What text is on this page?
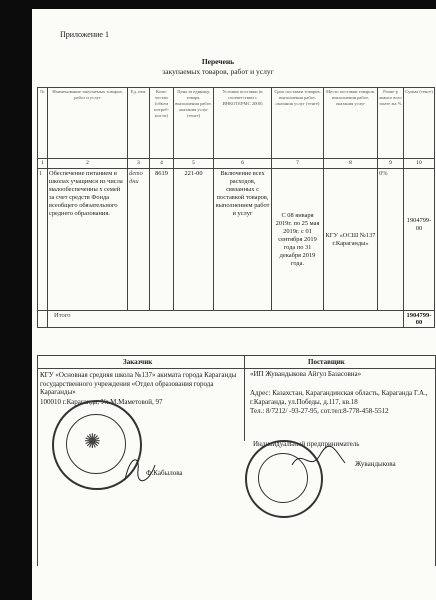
Приложение 1
Перечень
закупаемых товаров, работ и услуг
№	Наименование закупаемых товаров, работ и услуг	Ед. изм.	Коли-чество (объем потреб-ности)	Цена за единицу товара, выполнения работ, оказания услуг (тенге)	Условия поставки (в соответствии с ИНКОТЕРМС 2000)	Срок поставки товаров, выполнения работ, оказания услуг (тенге)	Место поставки товаров, выполнения работ, оказания услуг	Разме р авансо вого плате жа %	Сумма (тенге)
1	2	3	4	5	6	7	8	9	10
1	Обеспечение питанием в школах учащимся из числа малообеспеченны х семей за счет средств Фонда всеобщего обязательного среднего образования.	dето дни	8619	221-00	Включение всех расходов, связанных с поставкой товаров, выполнением работ и услуг	С 08 января 2019г. по 25 мая 2019г. с 01 сентября 2019 года по 31 декабря 2019 года.	КГУ «ОСШ №137 г.Караганды»	0%	1904799-00
	Итого								1904799-00
Заказчик	Поставщик
КГУ «Основная средняя школа №137» акимата города Караганды государственного учреждения «Отдел образования города Караганды»
100010 г.Караганда, Ул.М.Маметовой, 97
«ИП Жувандыкова Айгул Базасовна»
Адрес: Казахстан, Карагандинская область, Караганда Г.А., г.Караганда, ул.Победы, д.117, кв.18
Тел.: 8/7212/ -93-27-95, сот.тел:8-778-458-5512
Индивидуальный предприниматель
Жувандыкова
Ф.Кабылова
✺
